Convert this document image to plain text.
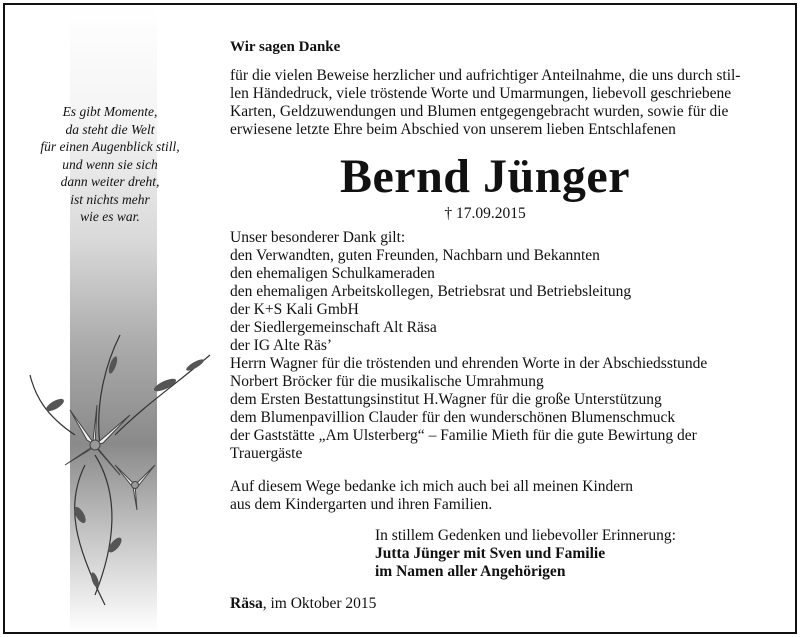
Es gibt Momente,
da steht die Welt
für einen Augenblick still,
und wenn sie sich
dann weiter dreht,
ist nichts mehr
wie es war.
Wir sagen Danke
für die vielen Beweise herzlicher und aufrichtiger Anteilnahme, die uns durch stil-
len Händedruck, viele tröstende Worte und Umarmungen, liebevoll geschriebene
Karten, Geldzuwendungen und Blumen entgegengebracht wurden, sowie für die
erwiesene letzte Ehre beim Abschied von unserem lieben Entschlafenen
Bernd Jünger
† 17.09.2015
Unser besonderer Dank gilt:
den Verwandten, guten Freunden, Nachbarn und Bekannten
den ehemaligen Schulkameraden
den ehemaligen Arbeitskollegen, Betriebsrat und Betriebsleitung
der K+S Kali GmbH
der Siedlergemeinschaft Alt Räsa
der IG Alte Räs’
Herrn Wagner für die tröstenden und ehrenden Worte in der Abschiedsstunde
Norbert Bröcker für die musikalische Umrahmung
dem Ersten Bestattungsinstitut H.Wagner für die große Unterstützung
dem Blumenpavillion Clauder für den wunderschönen Blumenschmuck
der Gaststätte „Am Ulsterberg“ – Familie Mieth für die gute Bewirtung der
Trauergäste
Auf diesem Wege bedanke ich mich auch bei all meinen Kindern
aus dem Kindergarten und ihren Familien.
In stillem Gedenken und liebevoller Erinnerung:
Jutta Jünger mit Sven und Familie
im Namen aller Angehörigen
Räsa, im Oktober 2015
